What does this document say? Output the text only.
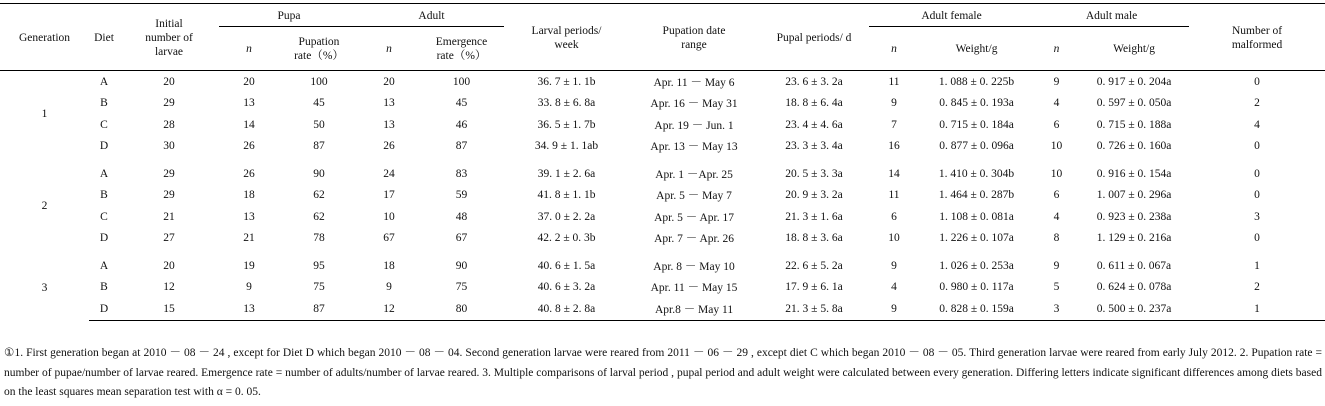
Generation	Diet	Initial number of larvae	Pupa		Adult		Larval periods/ week	Pupation date range	Pupal periods/ d	Adult female		Adult male		Number of malformed
			n	Pupation rate（%）	n	Emergence rate（%）				n	Weight/g	n	Weight/g	
1	A	20	20	100	20	100	36. 7 ± 1. 1b	Apr. 11 － May 6	23. 6 ± 3. 2a	11	1. 088 ± 0. 225b	9	0. 917 ± 0. 204a	0
	B	29	13	45	13	45	33. 8 ± 6. 8a	Apr. 16 － May 31	18. 8 ± 6. 4a	9	0. 845 ± 0. 193a	4	0. 597 ± 0. 050a	2
	C	28	14	50	13	46	36. 5 ± 1. 7b	Apr. 19 － Jun. 1	23. 4 ± 4. 6a	7	0. 715 ± 0. 184a	6	0. 715 ± 0. 188a	4
	D	30	26	87	26	87	34. 9 ± 1. 1ab	Apr. 13 － May 13	23. 3 ± 3. 4a	16	0. 877 ± 0. 096a	10	0. 726 ± 0. 160a	0
2	A	29	26	90	24	83	39. 1 ± 2. 6a	Apr. 1 －Apr. 25	20. 5 ± 3. 3a	14	1. 410 ± 0. 304b	10	0. 916 ± 0. 154a	0
	B	29	18	62	17	59	41. 8 ± 1. 1b	Apr. 5 － May 7	20. 9 ± 3. 2a	11	1. 464 ± 0. 287b	6	1. 007 ± 0. 296a	0
	C	21	13	62	10	48	37. 0 ± 2. 2a	Apr. 5 － Apr. 17	21. 3 ± 1. 6a	6	1. 108 ± 0. 081a	4	0. 923 ± 0. 238a	3
	D	27	21	78	67	67	42. 2 ± 0. 3b	Apr. 7 － Apr. 26	18. 8 ± 3. 6a	10	1. 226 ± 0. 107a	8	1. 129 ± 0. 216a	0
3	A	20	19	95	18	90	40. 6 ± 1. 5a	Apr. 8 － May 10	22. 6 ± 5. 2a	9	1. 026 ± 0. 253a	9	0. 611 ± 0. 067a	1
	B	12	9	75	9	75	40. 6 ± 3. 2a	Apr. 11 － May 15	17. 9 ± 6. 1a	4	0. 980 ± 0. 117a	5	0. 624 ± 0. 078a	2
	D	15	13	87	12	80	40. 8 ± 2. 8a	Apr.8 － May 11	21. 3 ± 5. 8a	9	0. 828 ± 0. 159a	3	0. 500 ± 0. 237a	1
①1. First generation began at 2010 － 08 － 24 , except for Diet D which began 2010 － 08 － 04. Second generation larvae were reared from 2011 － 06 － 29 , except diet C which began 2010 － 08 － 05. Third generation larvae were reared from early July 2012. 2. Pupation rate = number of pupae/number of larvae reared. Emergence rate = number of adults/number of larvae reared. 3. Multiple comparisons of larval period , pupal period and adult weight were calculated between every generation. Differing letters indicate significant differences among diets based on the least squares mean separation test with α = 0. 05.
